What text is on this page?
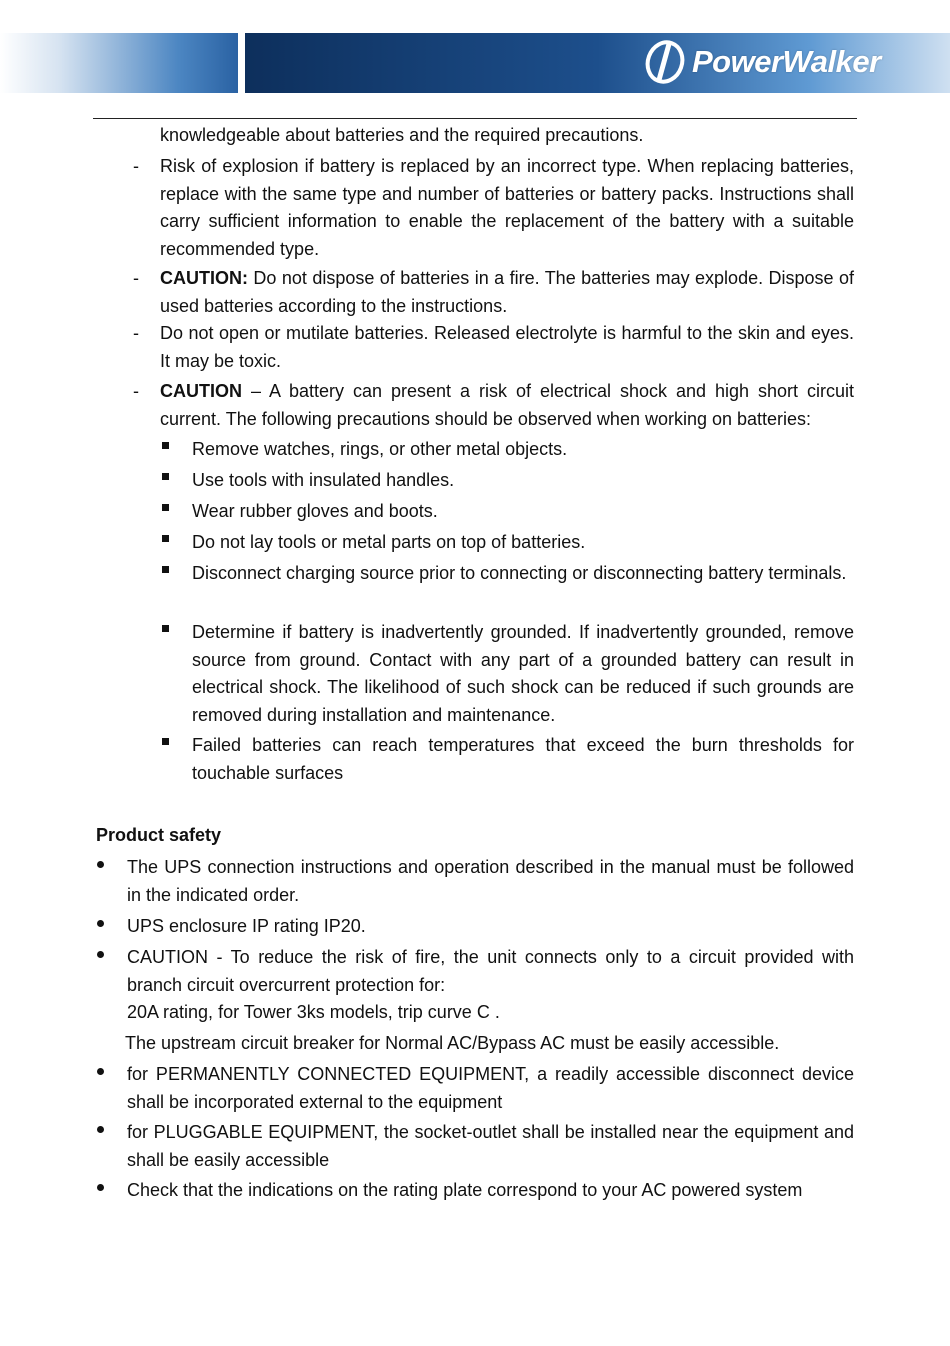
PowerWalker
knowledgeable about batteries and the required precautions.
- Risk of explosion if battery is replaced by an incorrect type. When replacing batteries, replace with the same type and number of batteries or battery packs. Instructions shall carry sufficient information to enable the replacement of the battery with a suitable recommended type.
- CAUTION: Do not dispose of batteries in a fire. The batteries may explode. Dispose of used batteries according to the instructions.
- Do not open or mutilate batteries. Released electrolyte is harmful to the skin and eyes. It may be toxic.
- CAUTION – A battery can present a risk of electrical shock and high short circuit current. The following precautions should be observed when working on batteries:
Remove watches, rings, or other metal objects.
Use tools with insulated handles.
Wear rubber gloves and boots.
Do not lay tools or metal parts on top of batteries.
Disconnect charging source prior to connecting or disconnecting battery terminals.
Determine if battery is inadvertently grounded. If inadvertently grounded, remove source from ground. Contact with any part of a grounded battery can result in electrical shock. The likelihood of such shock can be reduced if such grounds are removed during installation and maintenance.
Failed batteries can reach temperatures that exceed the burn thresholds for touchable surfaces
Product safety
The UPS connection instructions and operation described in the manual must be followed in the indicated order.
UPS enclosure IP rating IP20.
CAUTION - To reduce the risk of fire, the unit connects only to a circuit provided with branch circuit overcurrent protection for:
20A rating, for Tower 3ks models, trip curve C .
The upstream circuit breaker for Normal AC/Bypass AC must be easily accessible.
for PERMANENTLY CONNECTED EQUIPMENT, a readily accessible disconnect device shall be incorporated external to the equipment
for PLUGGABLE EQUIPMENT, the socket-outlet shall be installed near the equipment and shall be easily accessible
Check that the indications on the rating plate correspond to your AC powered system
